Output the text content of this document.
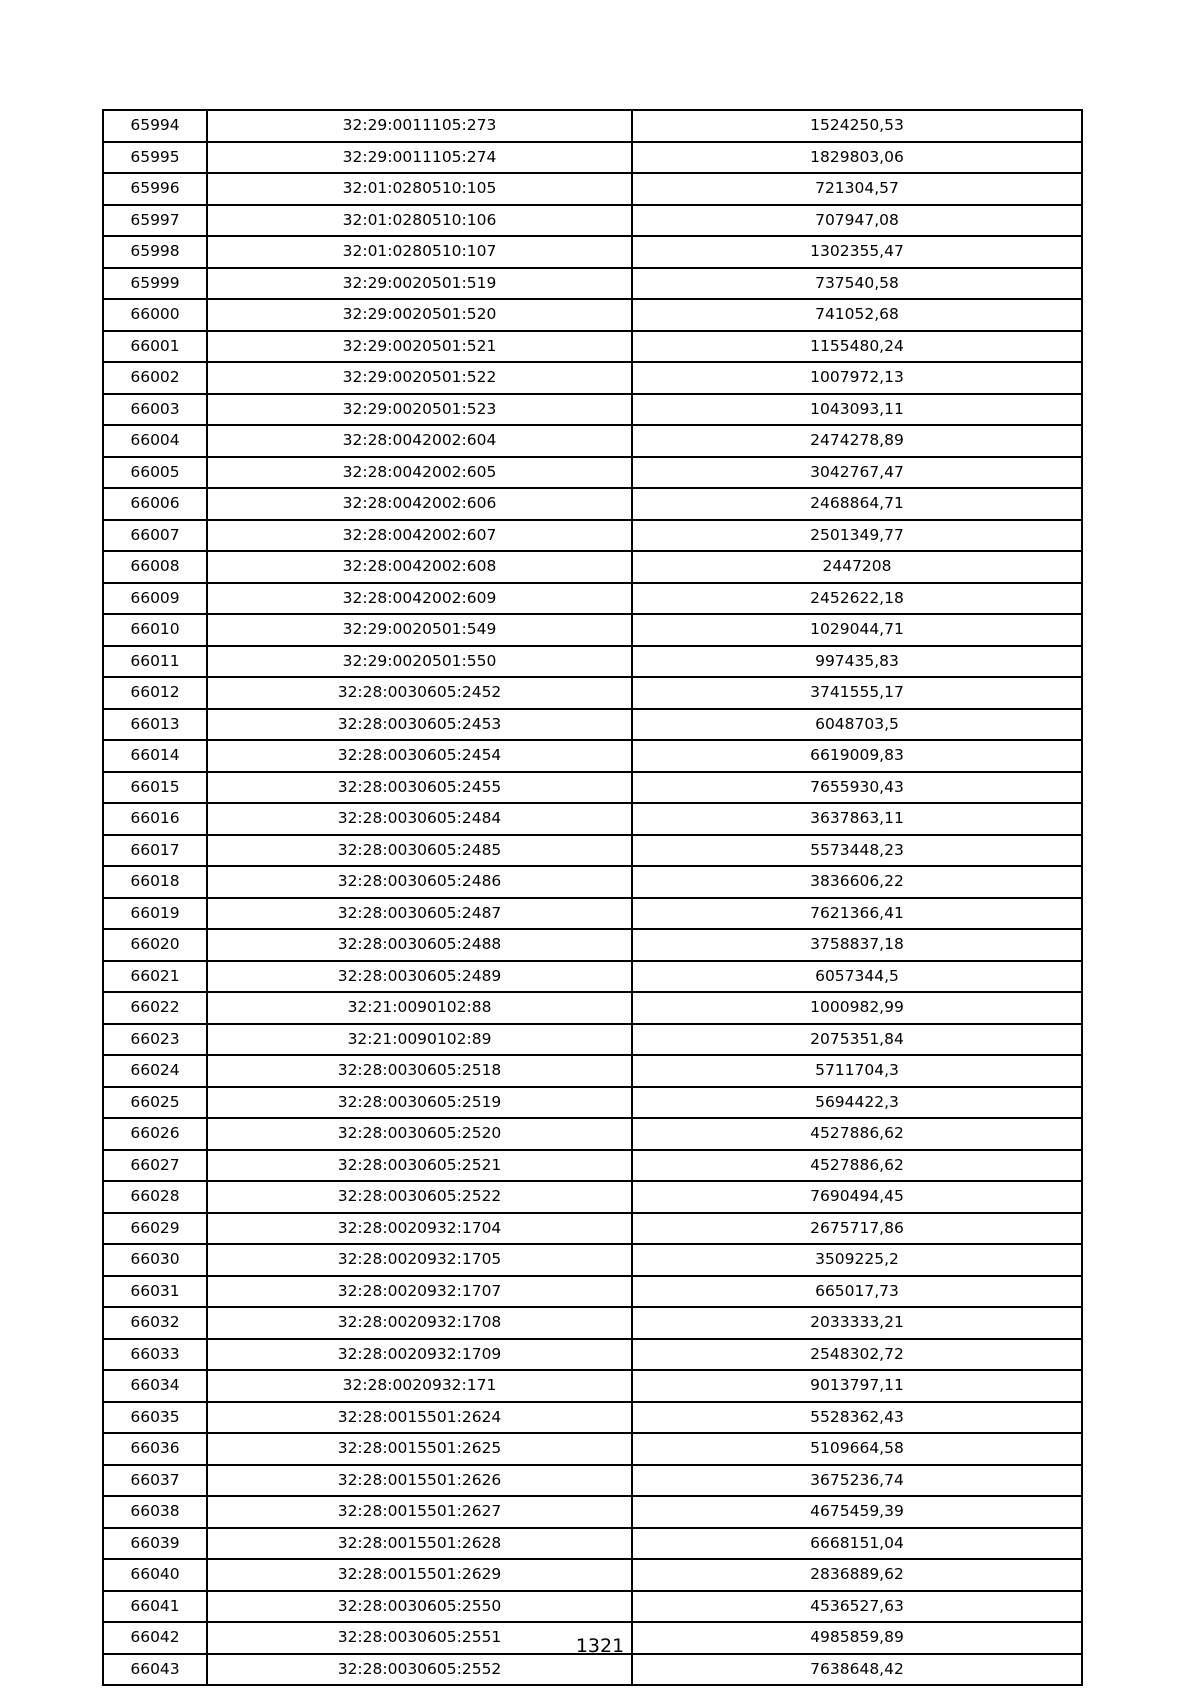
65994	32:29:0011105:273	1524250,53
65995	32:29:0011105:274	1829803,06
65996	32:01:0280510:105	721304,57
65997	32:01:0280510:106	707947,08
65998	32:01:0280510:107	1302355,47
65999	32:29:0020501:519	737540,58
66000	32:29:0020501:520	741052,68
66001	32:29:0020501:521	1155480,24
66002	32:29:0020501:522	1007972,13
66003	32:29:0020501:523	1043093,11
66004	32:28:0042002:604	2474278,89
66005	32:28:0042002:605	3042767,47
66006	32:28:0042002:606	2468864,71
66007	32:28:0042002:607	2501349,77
66008	32:28:0042002:608	2447208
66009	32:28:0042002:609	2452622,18
66010	32:29:0020501:549	1029044,71
66011	32:29:0020501:550	997435,83
66012	32:28:0030605:2452	3741555,17
66013	32:28:0030605:2453	6048703,5
66014	32:28:0030605:2454	6619009,83
66015	32:28:0030605:2455	7655930,43
66016	32:28:0030605:2484	3637863,11
66017	32:28:0030605:2485	5573448,23
66018	32:28:0030605:2486	3836606,22
66019	32:28:0030605:2487	7621366,41
66020	32:28:0030605:2488	3758837,18
66021	32:28:0030605:2489	6057344,5
66022	32:21:0090102:88	1000982,99
66023	32:21:0090102:89	2075351,84
66024	32:28:0030605:2518	5711704,3
66025	32:28:0030605:2519	5694422,3
66026	32:28:0030605:2520	4527886,62
66027	32:28:0030605:2521	4527886,62
66028	32:28:0030605:2522	7690494,45
66029	32:28:0020932:1704	2675717,86
66030	32:28:0020932:1705	3509225,2
66031	32:28:0020932:1707	665017,73
66032	32:28:0020932:1708	2033333,21
66033	32:28:0020932:1709	2548302,72
66034	32:28:0020932:171	9013797,11
66035	32:28:0015501:2624	5528362,43
66036	32:28:0015501:2625	5109664,58
66037	32:28:0015501:2626	3675236,74
66038	32:28:0015501:2627	4675459,39
66039	32:28:0015501:2628	6668151,04
66040	32:28:0015501:2629	2836889,62
66041	32:28:0030605:2550	4536527,63
66042	32:28:0030605:2551	4985859,89
66043	32:28:0030605:2552	7638648,42
1321
